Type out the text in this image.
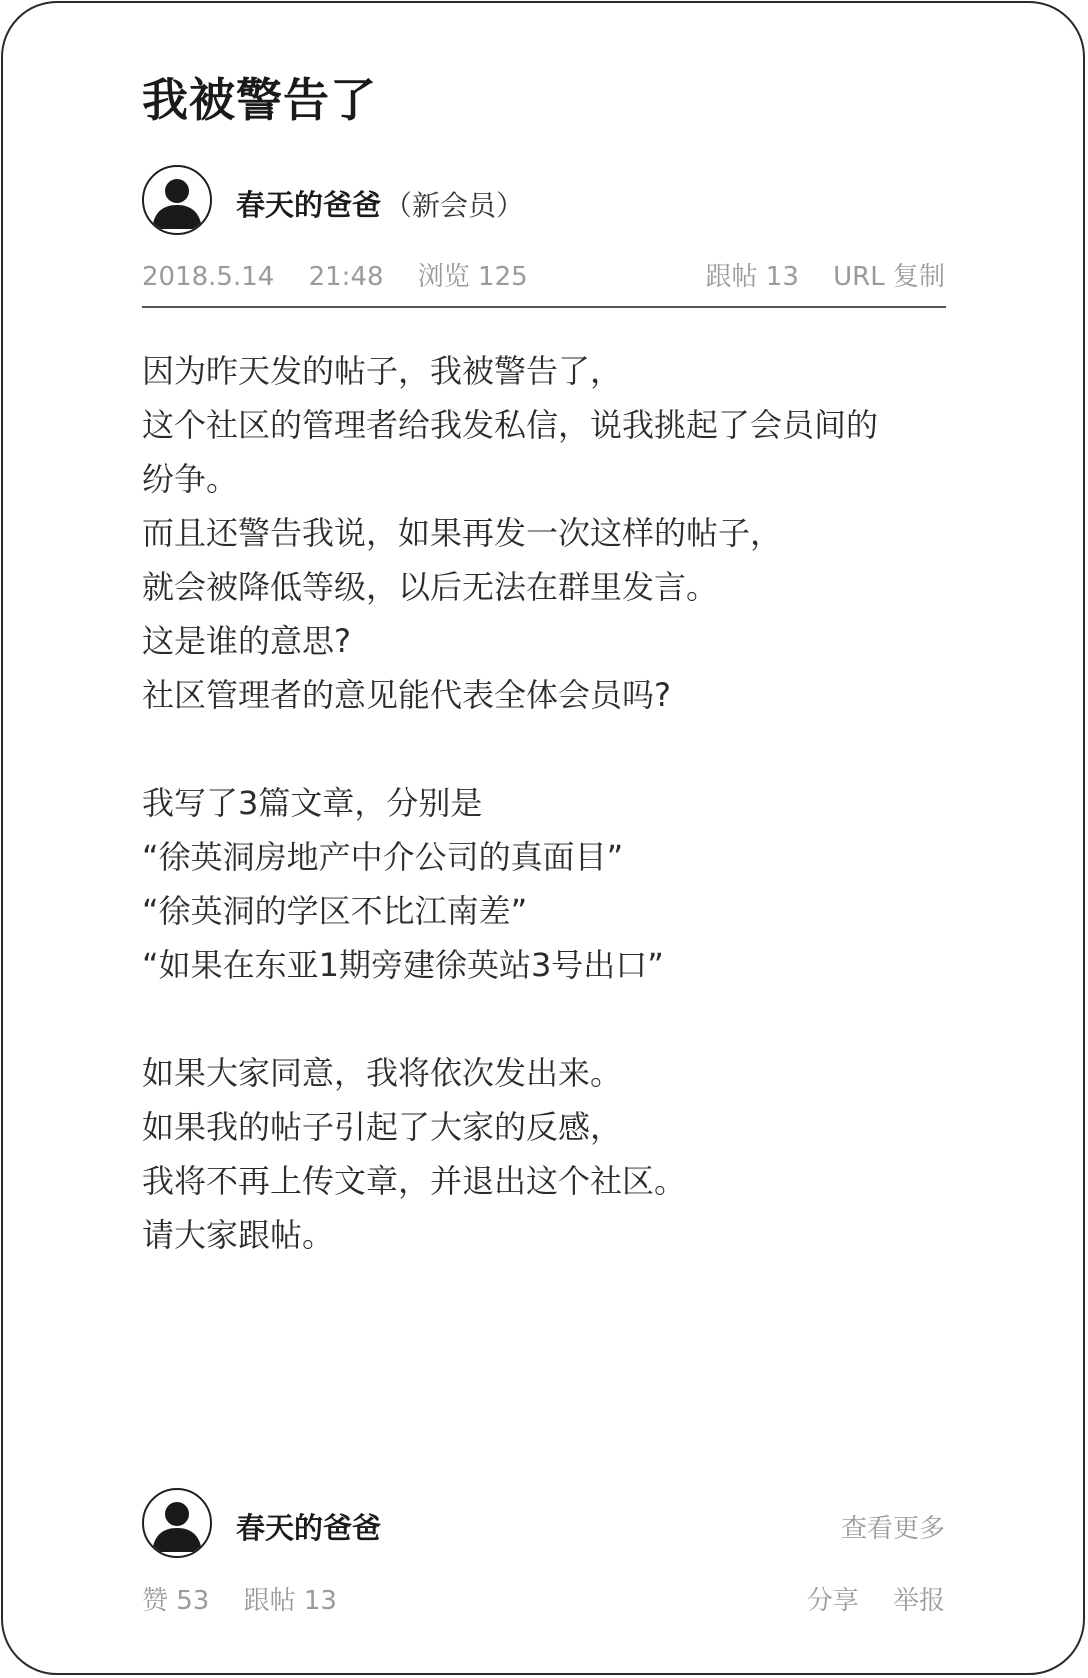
我被警告了
春天的爸爸 （新会员）
2018.5.14 21:48 浏览 125	跟帖 13 URL 复制
因为昨天发的帖子，我被警告了，
这个社区的管理者给我发私信，说我挑起了会员间的
纷争。
而且还警告我说，如果再发一次这样的帖子，
就会被降低等级，以后无法在群里发言。
这是谁的意思?
社区管理者的意见能代表全体会员吗?
我写了3篇文章，分别是
“徐英洞房地产中介公司的真面目”
“徐英洞的学区不比江南差”
“如果在东亚1期旁建徐英站3号出口”
如果大家同意，我将依次发出来。
如果我的帖子引起了大家的反感，
我将不再上传文章，并退出这个社区。
请大家跟帖。
春天的爸爸	查看更多
赞 53 跟帖 13	分享 举报
